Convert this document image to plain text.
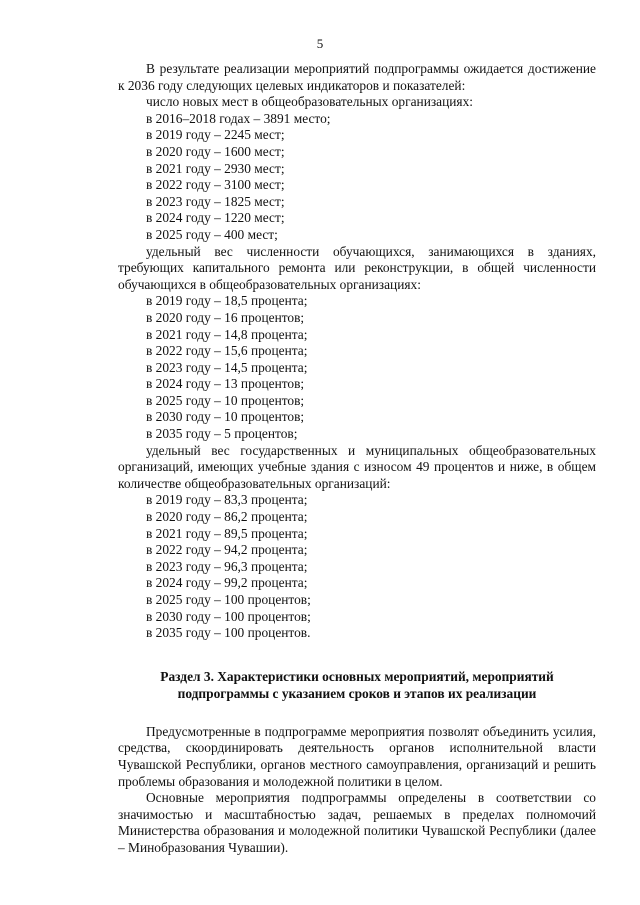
5

В результате реализации мероприятий подпрограммы ожидается достижение к 2036 году следующих целевых индикаторов и показателей:

число новых мест в общеобразовательных организациях:

в 2016–2018 годах – 3891 место;

в 2019 году – 2245 мест;

в 2020 году – 1600 мест;

в 2021 году – 2930 мест;

в 2022 году – 3100 мест;

в 2023 году – 1825 мест;

в 2024 году – 1220 мест;

в 2025 году – 400 мест;

удельный вес численности обучающихся, занимающихся в зданиях, требующих капитального ремонта или реконструкции, в общей численности обучающихся в общеобразовательных организациях:

в 2019 году – 18,5 процента;

в 2020 году – 16 процентов;

в 2021 году – 14,8 процента;

в 2022 году – 15,6 процента;

в 2023 году – 14,5 процента;

в 2024 году – 13 процентов;

в 2025 году – 10 процентов;

в 2030 году – 10 процентов;

в 2035 году – 5 процентов;

удельный вес государственных и муниципальных общеобразовательных организаций, имеющих учебные здания с износом 49 процентов и ниже, в общем количестве общеобразовательных организаций:

в 2019 году – 83,3 процента;

в 2020 году – 86,2 процента;

в 2021 году – 89,5 процента;

в 2022 году – 94,2 процента;

в 2023 году – 96,3 процента;

в 2024 году – 99,2 процента;

в 2025 году – 100 процентов;

в 2030 году – 100 процентов;

в 2035 году – 100 процентов.

Раздел 3. Характеристики основных мероприятий, мероприятий
подпрограммы с указанием сроков и этапов их реализации

Предусмотренные в подпрограмме мероприятия позволят объединить усилия, средства, скоординировать деятельность органов исполнительной власти Чувашской Республики, органов местного самоуправления, организаций и решить проблемы образования и молодежной политики в целом.

Основные мероприятия подпрограммы определены в соответствии со значимостью и масштабностью задач, решаемых в пределах полномочий Министерства образования и молодежной политики Чувашской Республики (далее – Минобразования Чувашии).
